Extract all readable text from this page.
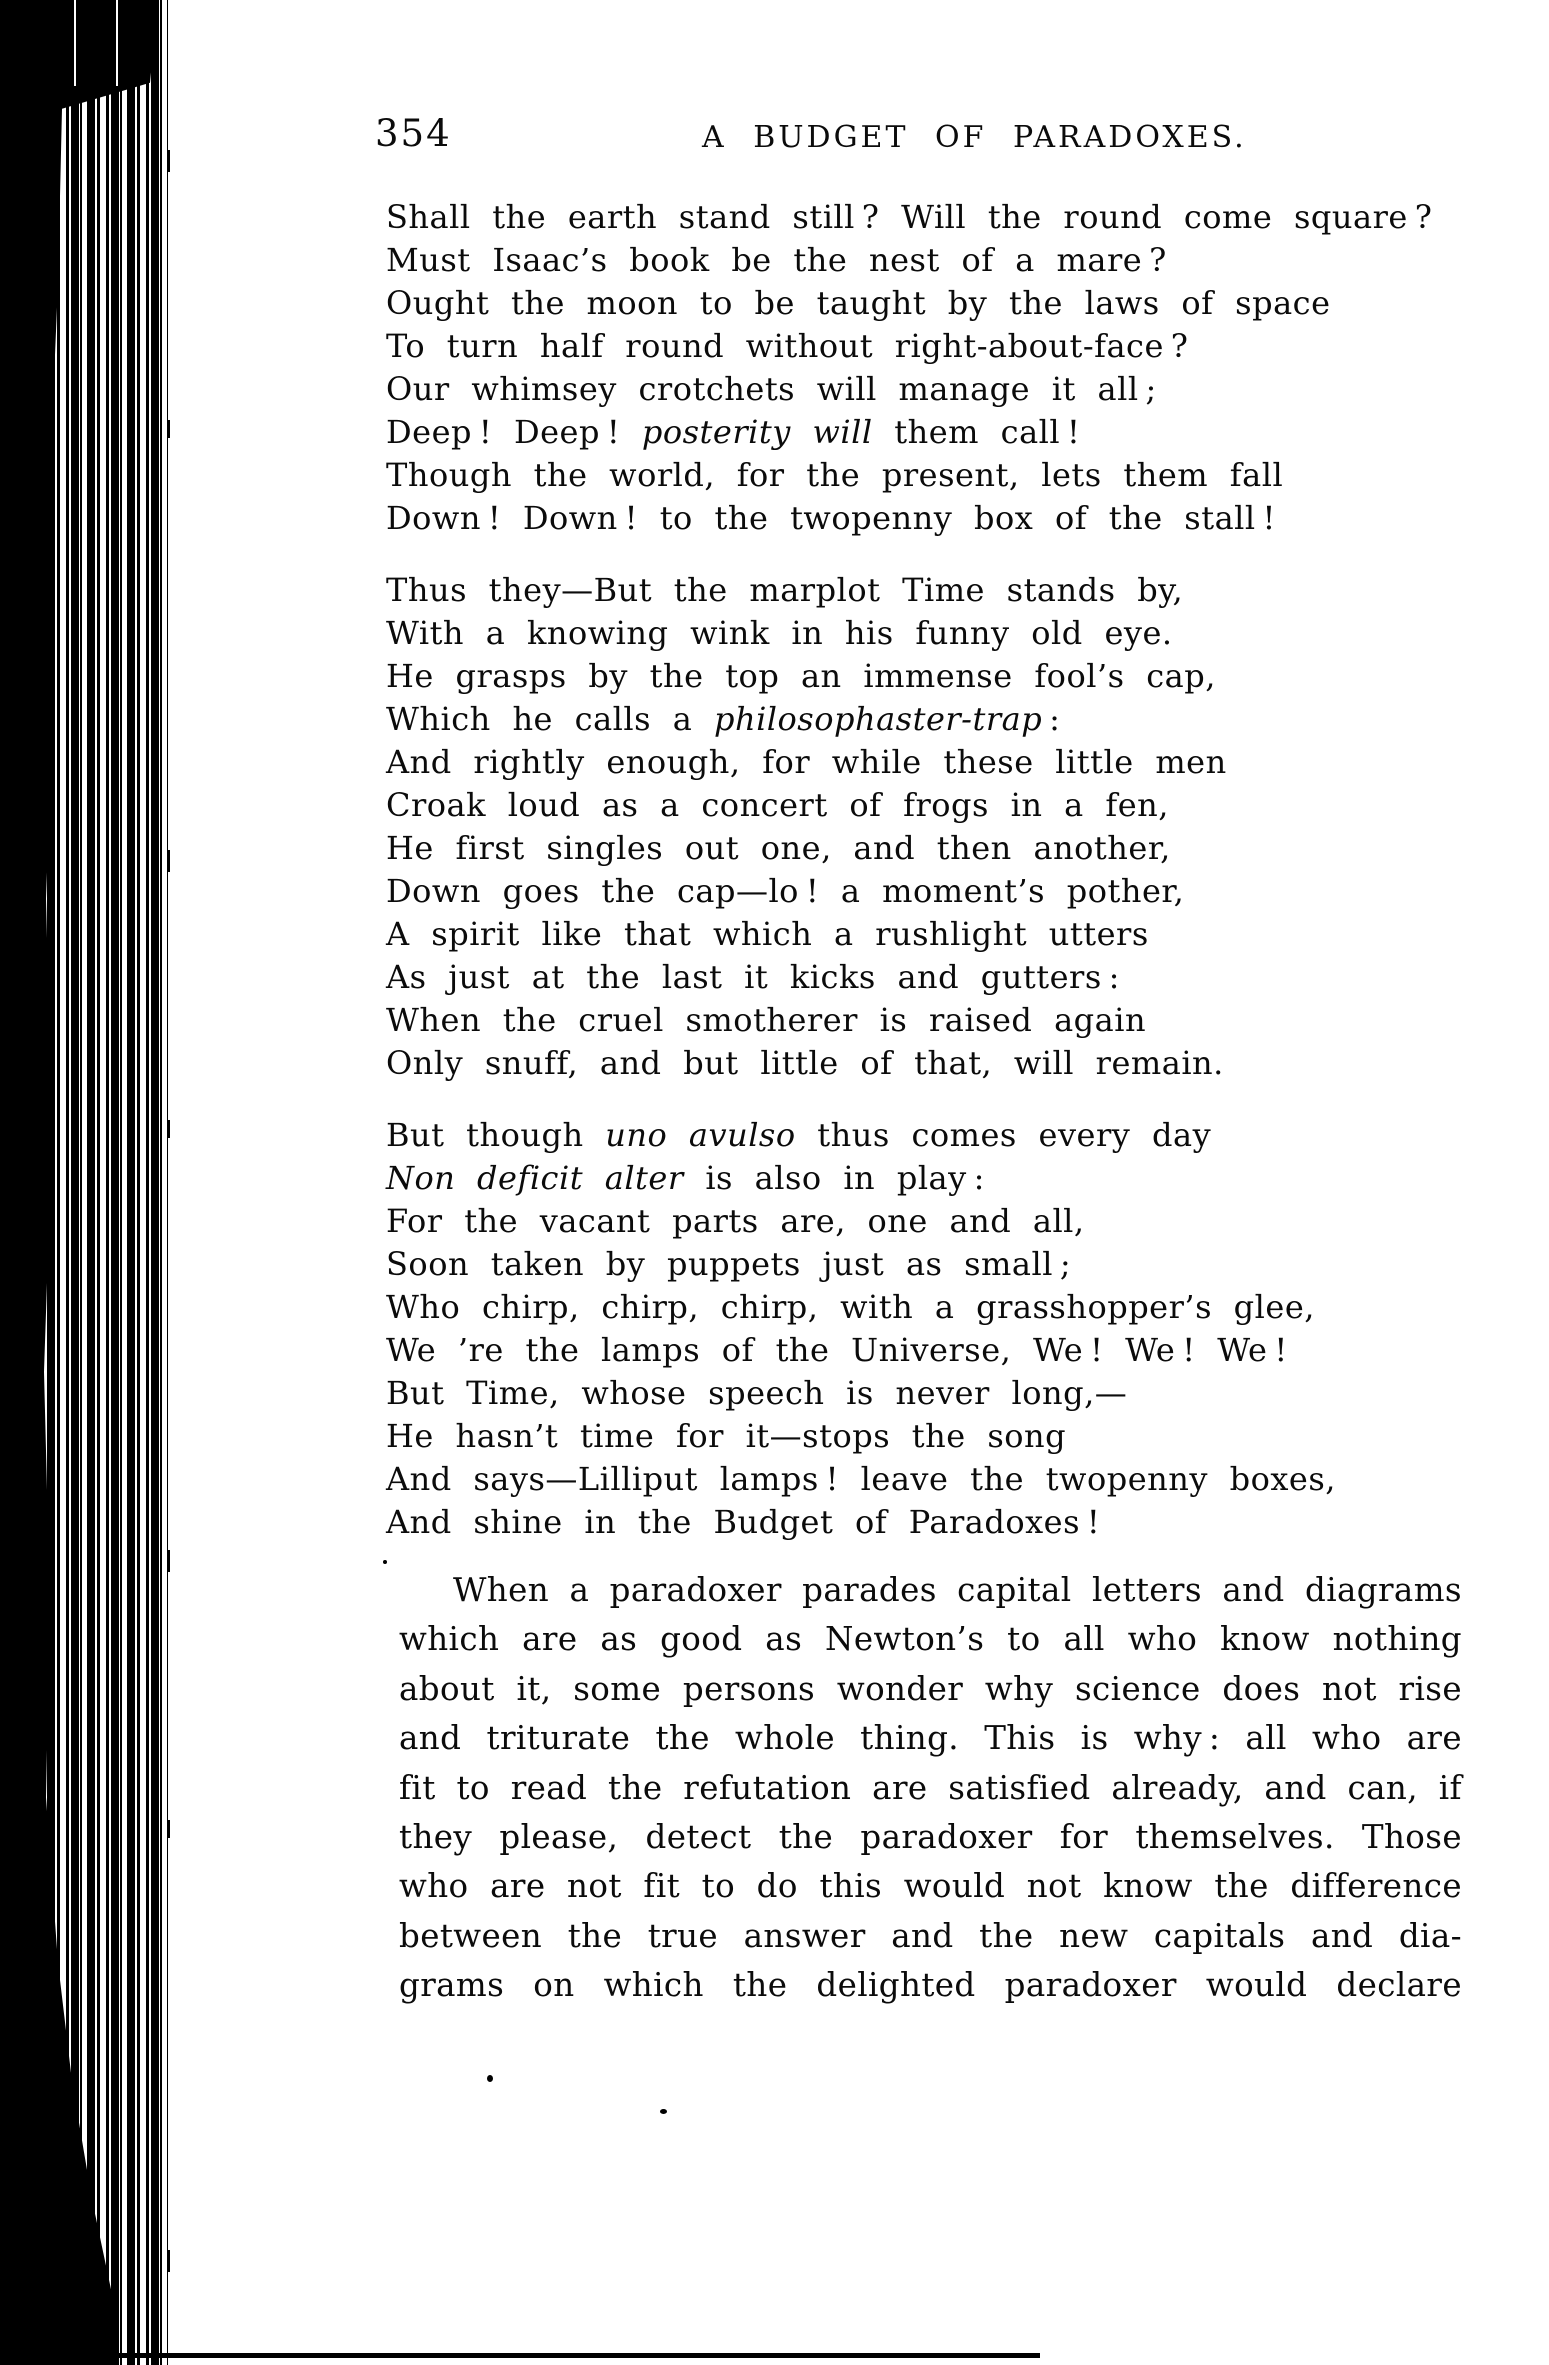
354	A BUDGET OF PARADOXES.
Shall the earth stand still ? Will the round come square ?
Must Isaac’s book be the nest of a mare ?
Ought the moon to be taught by the laws of space
To turn half round without right-about-face ?
Our whimsey crotchets will manage it all ;
Deep ! Deep ! posterity will them call !
Though the world, for the present, lets them fall
Down ! Down ! to the twopenny box of the stall !
Thus they—But the marplot Time stands by,
With a knowing wink in his funny old eye.
He grasps by the top an immense fool’s cap,
Which he calls a philosophaster-trap :
And rightly enough, for while these little men
Croak loud as a concert of frogs in a fen,
He first singles out one, and then another,
Down goes the cap—lo ! a moment’s pother,
A spirit like that which a rushlight utters
As just at the last it kicks and gutters :
When the cruel smotherer is raised again
Only snuff, and but little of that, will remain.
But though uno avulso thus comes every day
Non deficit alter is also in play :
For the vacant parts are, one and all,
Soon taken by puppets just as small ;
Who chirp, chirp, chirp, with a grasshopper’s glee,
We ’re the lamps of the Universe, We ! We ! We !
But Time, whose speech is never long,—
He hasn’t time for it—stops the song
And says—Lilliput lamps ! leave the twopenny boxes,
And shine in the Budget of Paradoxes !
When a paradoxer parades capital letters and diagrams
which are as good as Newton’s to all who know nothing
about it, some persons wonder why science does not rise
and triturate the whole thing. This is why : all who are
fit to read the refutation are satisfied already, and can, if
they please, detect the paradoxer for themselves. Those
who are not fit to do this would not know the difference
between the true answer and the new capitals and dia-
grams on which the delighted paradoxer would declare
